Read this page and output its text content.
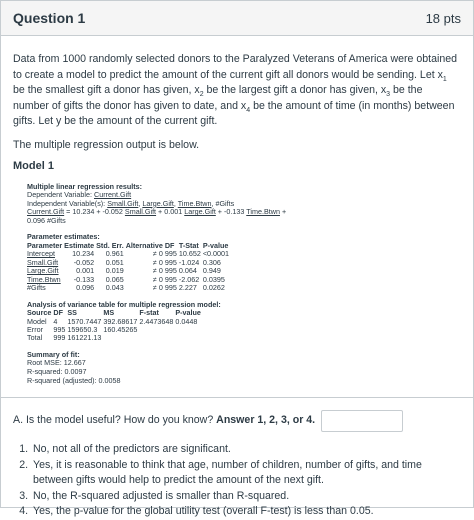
Question 1	18 pts

Data from 1000 randomly selected donors to the Paralyzed Veterans of America were obtained to create a model to predict the amount of the current gift all donors would be sending. Let $x_1$ be the smallest gift a donor has given, $x_2$ be the largest gift a donor has given, $x_3$ be the number of gifts the donor has given to date, and $x_4$ be the amount of time (in months) between gifts. Let y be the amount of the current gift.

The multiple regression output is below.

Model 1

Multiple linear regression results:
Dependent Variable: Current.Gift
Independent Variable(s): Small.Gift, Large.Gift, Time.Btwn, #Gifts
Current.Gift = 10.234 + -0.052 Small.Gift + 0.001 Large.Gift + -0.133 Time.Btwn +
0.096 #Gifts
Parameter estimates:
Parameter	Estimate	Std. Err.	Alternative	DF	T-Stat	P-value
Intercept	10.234	0.961	≠ 0	995	10.652	<0.0001
Small.Gift	-0.052	0.051	≠ 0	995	-1.024	0.306
Large.Gift	0.001	0.019	≠ 0	995	0.064	0.949
Time.Btwn	-0.133	0.065	≠ 0	995	-2.062	0.0395
#Gifts	0.096	0.043	≠ 0	995	2.227	0.0262
Analysis of variance table for multiple regression model:
Source	DF	SS	MS	F-stat	P-value
Model	4	1570.7447	392.68617	2.4473648	0.0448
Error	995	159650.3	160.45265		
Total	999	161221.13			
Summary of fit:
Root MSE: 12.667
R-squared: 0.0097
R-squared (adjusted): 0.0058
A. Is the model useful? How do you know? Answer 1, 2, 3, or 4.
1. No, not all of the predictors are significant.
2. Yes, it is reasonable to think that age, number of children, number of gifts, and time between gifts would help to predict the amount of the next gift.
3. No, the R-squared adjusted is smaller than R-squared.
4. Yes, the p-value for the global utility test (overall F-test) is less than 0.05.
